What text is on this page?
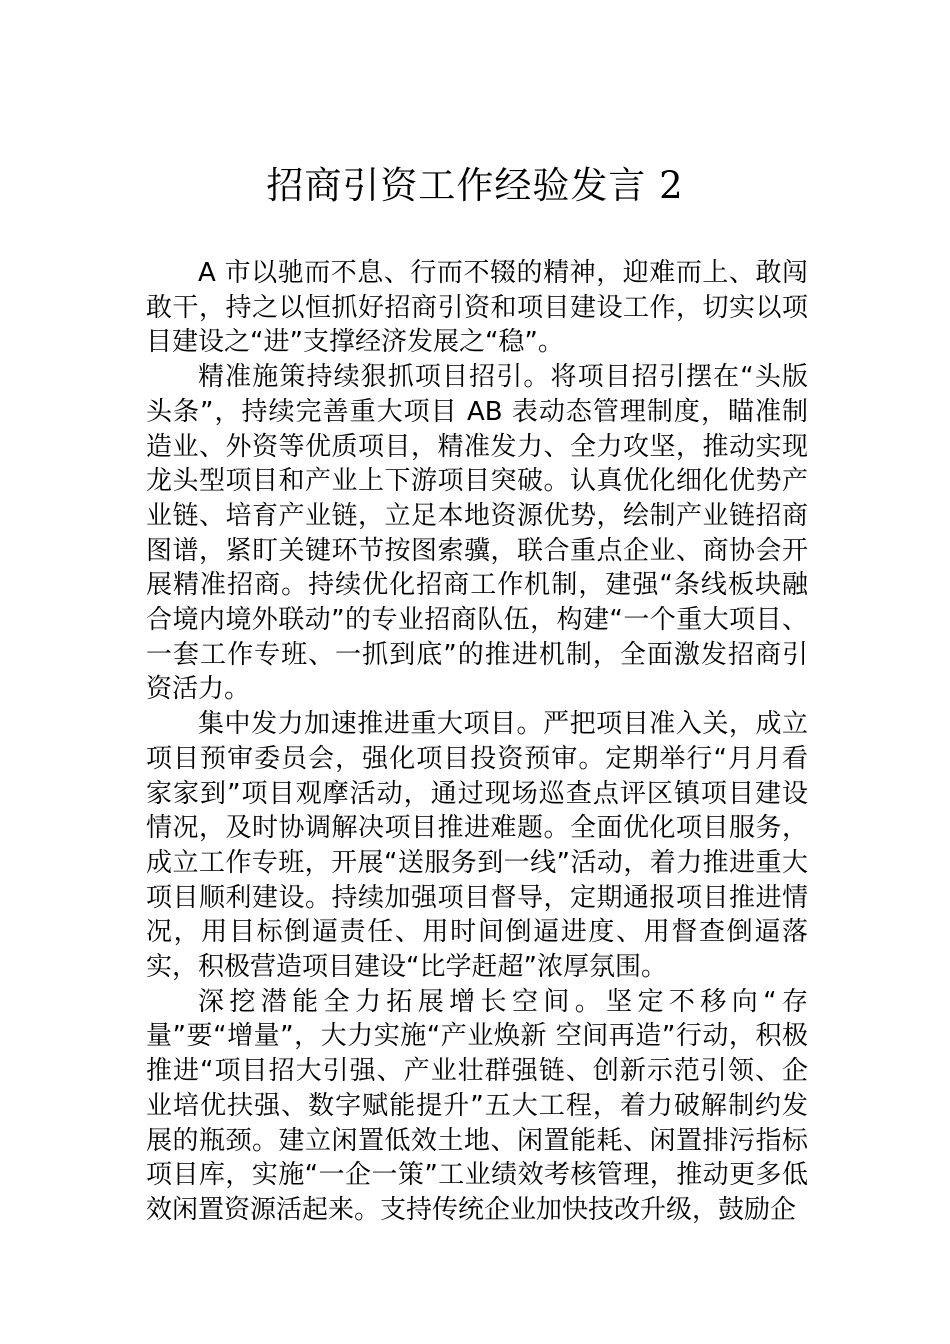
招商引资工作经验发言 2

A 市以驰而不息、行而不辍的精神，迎难而上、敢闯敢干，持之以恒抓好招商引资和项目建设工作，切实以项目建设之“进”支撑经济发展之“稳”。

精准施策持续狠抓项目招引。将项目招引摆在“头版头条”，持续完善重大项目 AB 表动态管理制度，瞄准制造业、外资等优质项目，精准发力、全力攻坚，推动实现龙头型项目和产业上下游项目突破。认真优化细化优势产业链、培育产业链，立足本地资源优势，绘制产业链招商图谱，紧盯关键环节按图索骥，联合重点企业、商协会开展精准招商。持续优化招商工作机制，建强“条线板块融合境内境外联动”的专业招商队伍，构建“一个重大项目、一套工作专班、一抓到底”的推进机制，全面激发招商引资活力。

集中发力加速推进重大项目。严把项目准入关，成立项目预审委员会，强化项目投资预审。定期举行“月月看家家到”项目观摩活动，通过现场巡查点评区镇项目建设情况，及时协调解决项目推进难题。全面优化项目服务，成立工作专班，开展“送服务到一线”活动，着力推进重大项目顺利建设。持续加强项目督导，定期通报项目推进情况，用目标倒逼责任、用时间倒逼进度、用督查倒逼落实，积极营造项目建设“比学赶超”浓厚氛围。

深挖潜能全力拓展增长空间。坚定不移向“存量”要“增量”，大力实施“产业焕新 空间再造”行动，积极推进“项目招大引强、产业壮群强链、创新示范引领、企业培优扶强、数字赋能提升”五大工程，着力破解制约发展的瓶颈。建立闲置低效土地、闲置能耗、闲置排污指标项目库，实施“一企一策”工业绩效考核管理，推动更多低效闲置资源活起来。支持传统企业加快技改升级，鼓励企
